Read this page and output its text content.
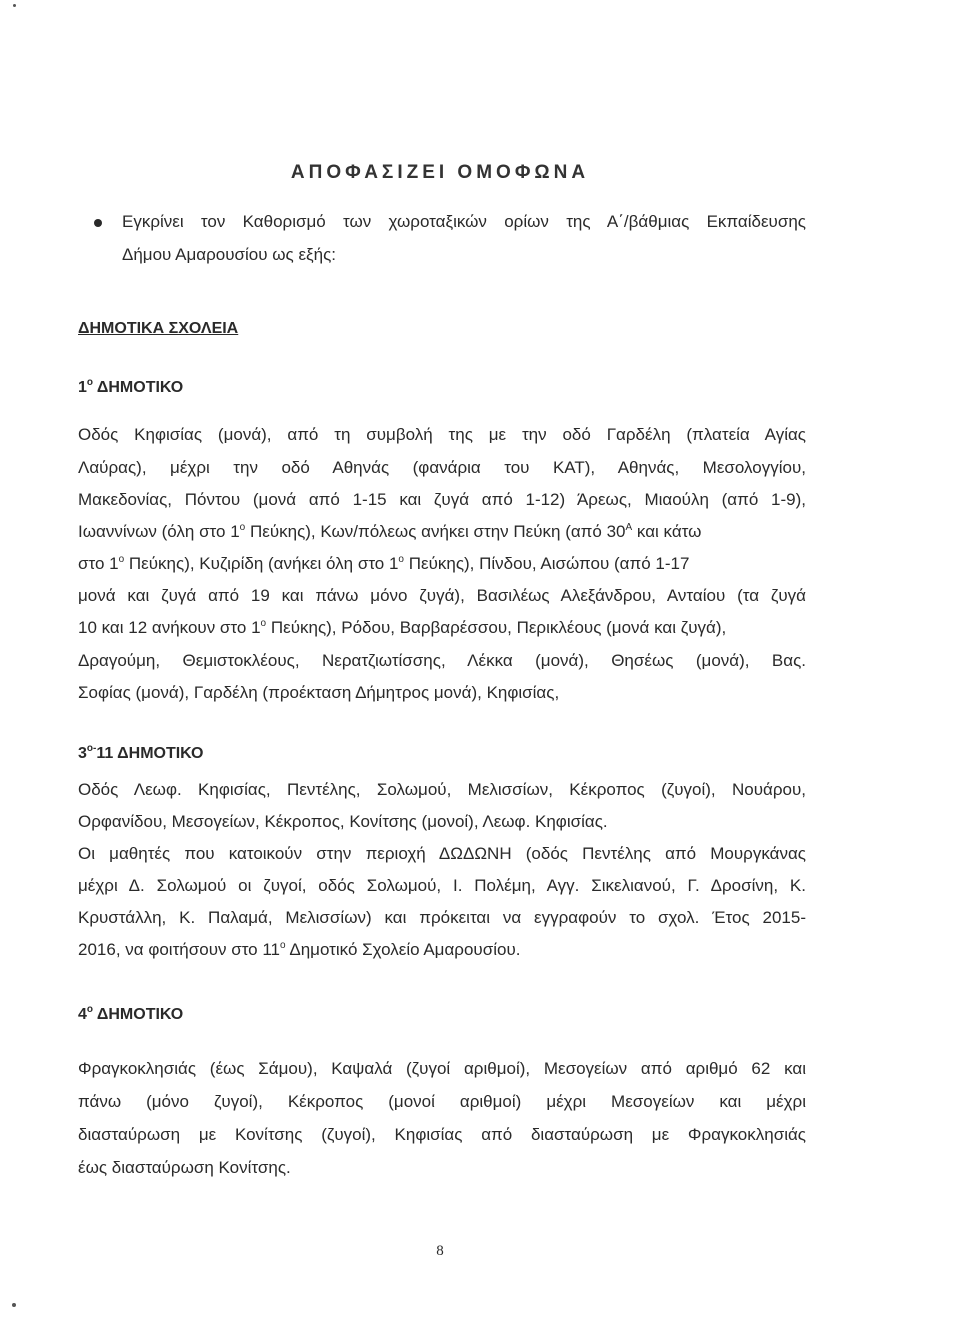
ΑΠΟΦΑΣΙΖΕΙ ΟΜΟΦΩΝΑ
Εγκρίνει τον Καθορισμό των χωροταξικών ορίων της Α΄/βάθμιας Εκπαίδευσης
Δήμου Αμαρουσίου ως εξής:
ΔΗΜΟΤΙΚΑ ΣΧΟΛΕΙΑ
$1^o$ ΔΗΜΟΤΙΚΟ
Οδός Κηφισίας (μονά), από τη συμβολή της με την οδό Γαρδέλη (πλατεία Αγίας
Λαύρας), μέχρι την οδό Αθηνάς (φανάρια του ΚΑΤ), Αθηνάς, Μεσολογγίου,
Μακεδονίας, Πόντου (μονά από 1-15 και ζυγά από 1-12) Άρεως, Μιαούλη (από 1-9),
Ιωαννίνων (όλη στο $1^o$ Πεύκης), Κων/πόλεως ανήκει στην Πεύκη (από $30^A$ και κάτω
στο $1^o$ Πεύκης), Κυζιρίδη (ανήκει όλη στο $1^o$ Πεύκης), Πίνδου, Αισώπου (από 1-17
μονά και ζυγά από 19 και πάνω μόνο ζυγά), Βασιλέως Αλεξάνδρου, Ανταίου (τα ζυγά
10 και 12 ανήκουν στο $1^o$ Πεύκης), Ρόδου, Βαρβαρέσσου, Περικλέους (μονά και ζυγά),
Δραγούμη, Θεμιστοκλέους, Νερατζιωτίσσης, Λέκκα (μονά), Θησέως (μονά), Βας.
Σοφίας (μονά), Γαρδέλη (προέκταση Δήμητρος μονά), Κηφισίας,
$3^{o-}11$ ΔΗΜΟΤΙΚΟ
Οδός Λεωφ. Κηφισίας, Πεντέλης, Σολωμού, Μελισσίων, Κέκροπος (ζυγοί), Νουάρου,
Ορφανίδου, Μεσογείων, Κέκροπος, Κονίτσης (μονοί), Λεωφ. Κηφισίας.
Οι μαθητές που κατοικούν στην περιοχή ΔΩΔΩΝΗ (οδός Πεντέλης από Μουργκάνας
μέχρι Δ. Σολωμού οι ζυγοί, οδός Σολωμού, Ι. Πολέμη, Αγγ. Σικελιανού, Γ. Δροσίνη, Κ.
Κρυστάλλη, Κ. Παλαμά, Μελισσίων) και πρόκειται να εγγραφούν το σχολ. Έτος 2015-
2016, να φοιτήσουν στο $11^o$ Δημοτικό Σχολείο Αμαρουσίου.
$4^o$ ΔΗΜΟΤΙΚΟ
Φραγκοκλησιάς (έως Σάμου), Καψαλά (ζυγοί αριθμοί), Μεσογείων από αριθμό 62 και
πάνω (μόνο ζυγοί), Κέκροπος (μονοί αριθμοί) μέχρι Μεσογείων και μέχρι
διασταύρωση με Κονίτσης (ζυγοί), Κηφισίας από διασταύρωση με Φραγκοκλησιάς
έως διασταύρωση Κονίτσης.
8
